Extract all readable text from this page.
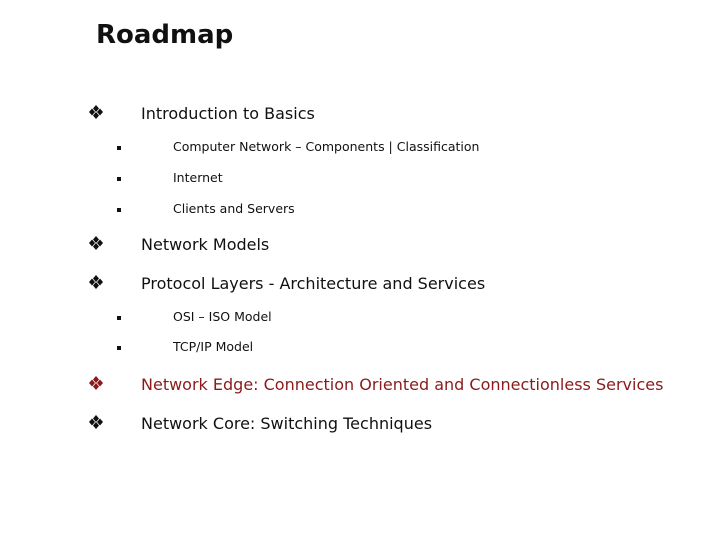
Roadmap
Introduction to Basics
Computer Network – Components | Classification
Internet
Clients and Servers
Network Models
Protocol Layers - Architecture and Services
OSI – ISO Model
TCP/IP Model
Network Edge: Connection Oriented and Connectionless Services
Network Core: Switching Techniques
